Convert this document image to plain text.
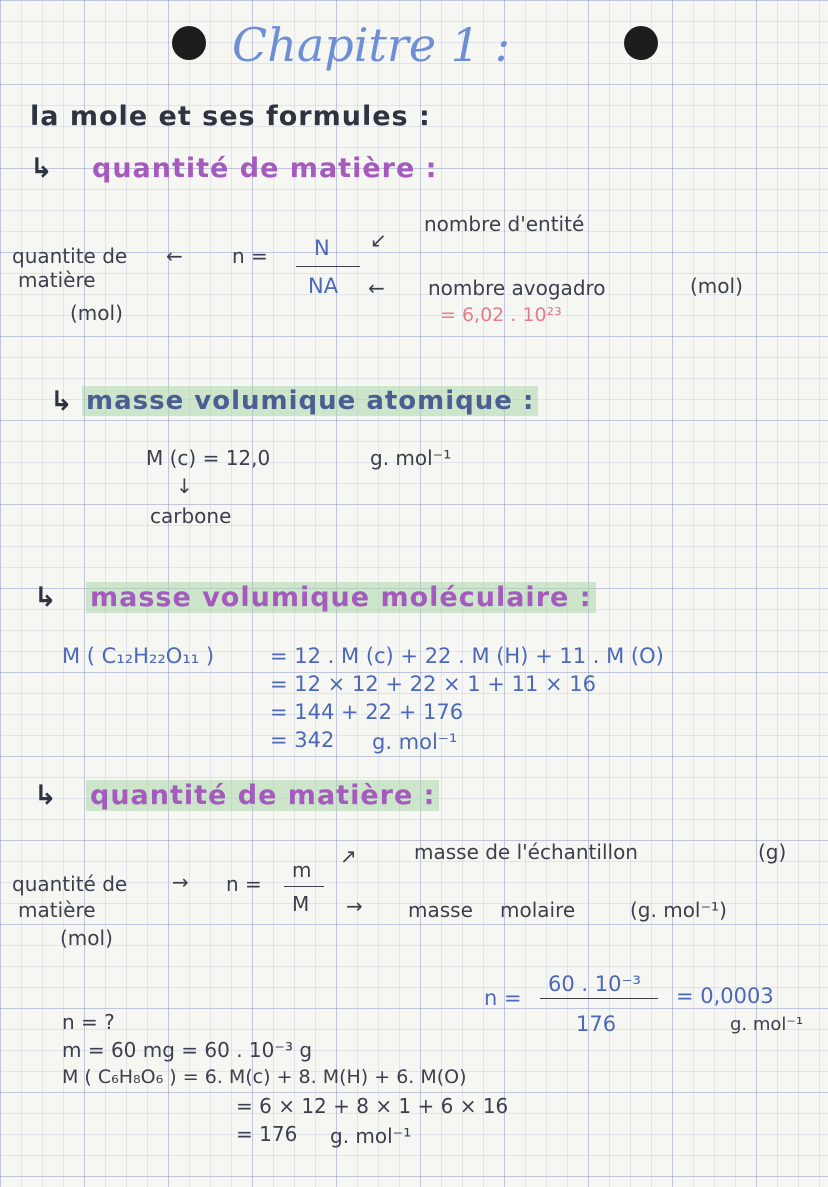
Chapitre 1 :
la mole et ses formules :
↳ quantité de matière :
quantite de
matière
(mol)
← n = N
NA
↙
←
nombre d'entité
nombre avogadro	(mol)
= 6,02 . 10²³
↳ masse volumique atomique :
M (c) = 12,0	g. mol⁻¹
↓
carbone
↳ masse volumique moléculaire :
M ( C₁₂H₂₂O₁₁ )	= 12 . M (c) + 22 . M (H) + 11 . M (O)
= 12 × 12 + 22 × 1 + 11 × 16
= 144 + 22 + 176
= 342 g. mol⁻¹
↳ quantité de matière :
quantité de
matière
(mol)
→ n =
m
M
↗
→
masse de l'échantillon	(g)
masse molaire	(g. mol⁻¹)
n =
60 . 10⁻³
176
= 0,0003
g. mol⁻¹
n = ?
m = 60 mg = 60 . 10⁻³ g
M ( C₆H₈O₆ ) = 6. M(c) + 8. M(H) + 6. M(O)
= 6 × 12 + 8 × 1 + 6 × 16
= 176 g. mol⁻¹
